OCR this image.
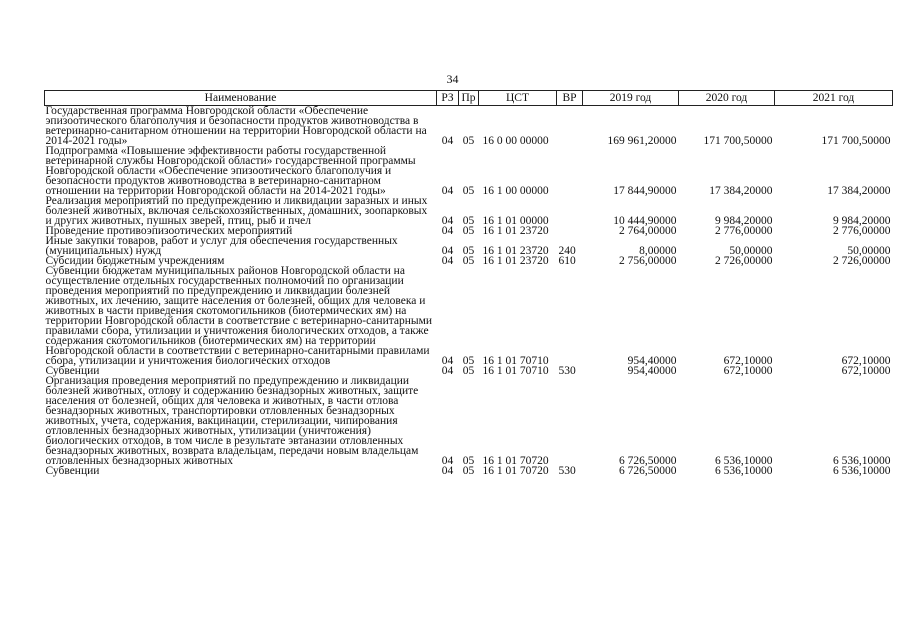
34
Наименование	РЗ	Пр	ЦСТ	ВР	2019 год	2020 год	2021 год
Государственная программа Новгородской области «Обеспечение эпизоотического благополучия и безопасности продуктов животноводства в ветеринарно-санитарном отношении на территории Новгородской области на 2014-2021 годы»	04	05	16 0 00 00000		169 961,20000	171 700,50000	171 700,50000
Подпрограмма «Повышение эффективности работы государственной ветеринарной службы Новгородской области» государственной программы Новгородской области «Обеспечение эпизоотического благополучия и безопасности продуктов животноводства в ветеринарно-санитарном отношении на территории Новгородской области на 2014-2021 годы»	04	05	16 1 00 00000		17 844,90000	17 384,20000	17 384,20000
Реализация мероприятий по предупреждению и ликвидации заразных и иных болезней животных, включая сельскохозяйственных, домашних, зоопарковых и других животных, пушных зверей, птиц, рыб и пчел	04	05	16 1 01 00000		10 444,90000	9 984,20000	9 984,20000
Проведение противоэпизоотических мероприятий	04	05	16 1 01 23720		2 764,00000	2 776,00000	2 776,00000
Иные закупки товаров, работ и услуг для обеспечения государственных (муниципальных) нужд	04	05	16 1 01 23720	240	8,00000	50,00000	50,00000
Субсидии бюджетным учреждениям	04	05	16 1 01 23720	610	2 756,00000	2 726,00000	2 726,00000
Субвенции бюджетам муниципальных районов Новгородской области на осуществление отдельных государственных полномочий по организации проведения мероприятий по предупреждению и ликвидации болезней животных, их лечению, защите населения от болезней, общих для человека и животных в части приведения скотомогильников (биотермических ям) на территории Новгородской области в соответствие с ветеринарно-санитарными правилами сбора, утилизации и уничтожения биологических отходов, а также содержания скотомогильников (биотермических ям) на территории Новгородской области в соответствии с ветеринарно-санитарными правилами сбора, утилизации и уничтожения биологических отходов	04	05	16 1 01 70710		954,40000	672,10000	672,10000
Субвенции	04	05	16 1 01 70710	530	954,40000	672,10000	672,10000
Организация проведения мероприятий по предупреждению и ликвидации болезней животных, отлову и содержанию безнадзорных животных, защите населения от болезней, общих для человека и животных, в части отлова безнадзорных животных, транспортировки отловленных безнадзорных животных, учета, содержания, вакцинации, стерилизации, чипирования отловленных безнадзорных животных, утилизации (уничтожения) биологических отходов, в том числе в результате эвтаназии отловленных безнадзорных животных, возврата владельцам, передачи новым владельцам отловленных безнадзорных животных	04	05	16 1 01 70720		6 726,50000	6 536,10000	6 536,10000
Субвенции	04	05	16 1 01 70720	530	6 726,50000	6 536,10000	6 536,10000
